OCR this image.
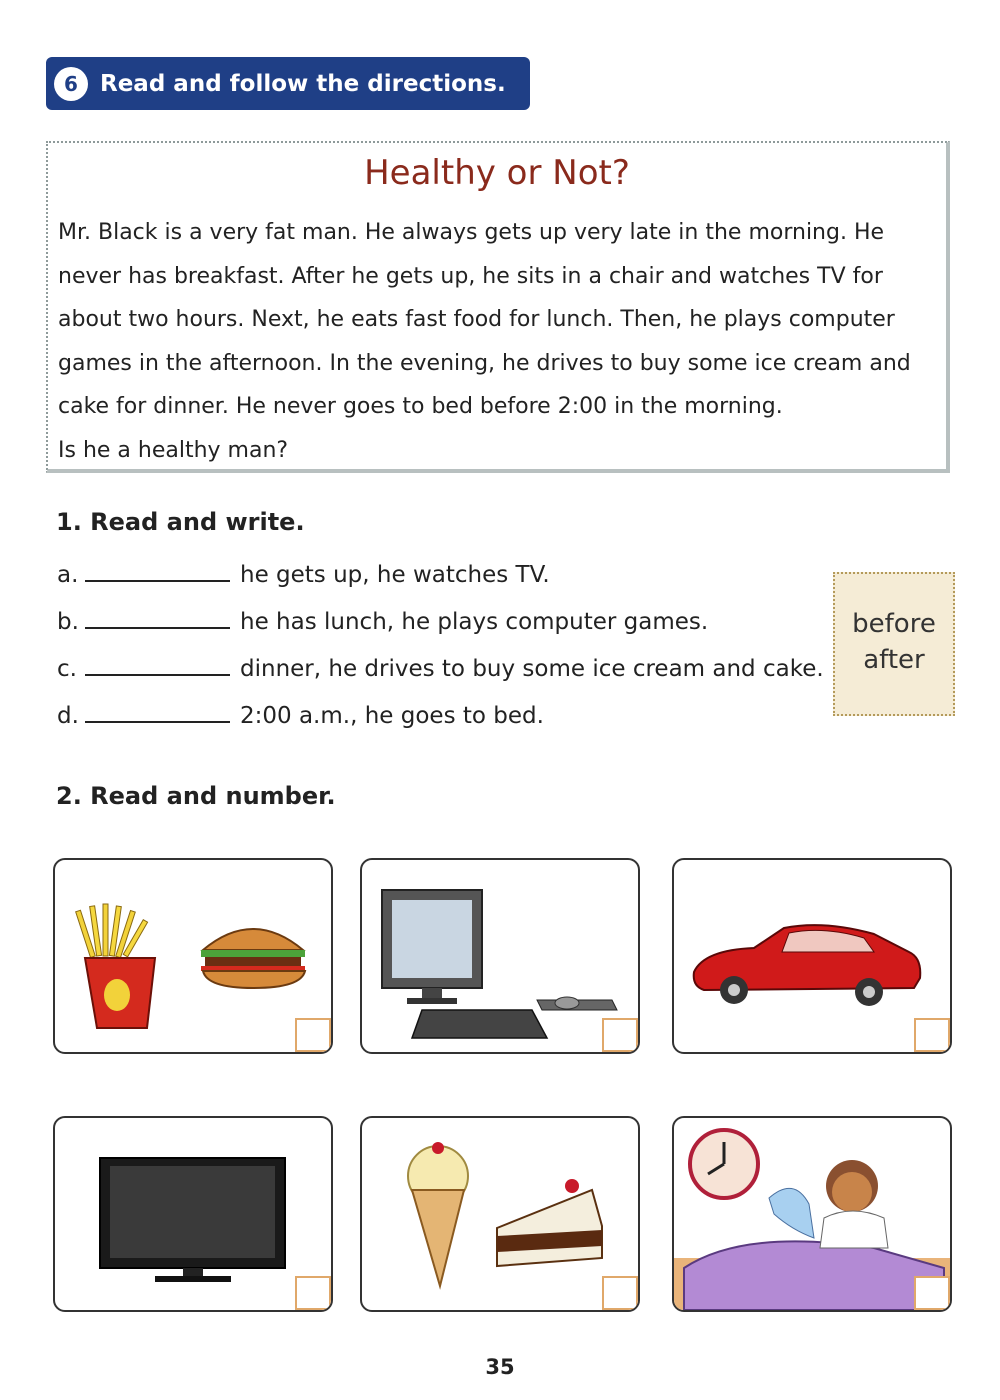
6 Read and follow the directions.
Healthy or Not?
Mr. Black is a very fat man. He always gets up very late in the morning. He never has breakfast. After he gets up, he sits in a chair and watches TV for about two hours. Next, he eats fast food for lunch. Then, he plays computer games in the afternoon. In the evening, he drives to buy some ice cream and cake for dinner. He never goes to bed before 2:00 in the morning.
Is he a healthy man?
1. Read and write.
a.	he gets up, he watches TV.
b.	he has lunch, he plays computer games.
c.	dinner, he drives to buy some ice cream and cake.
d.	2:00 a.m., he goes to bed.
before
after
2. Read and number.
35
